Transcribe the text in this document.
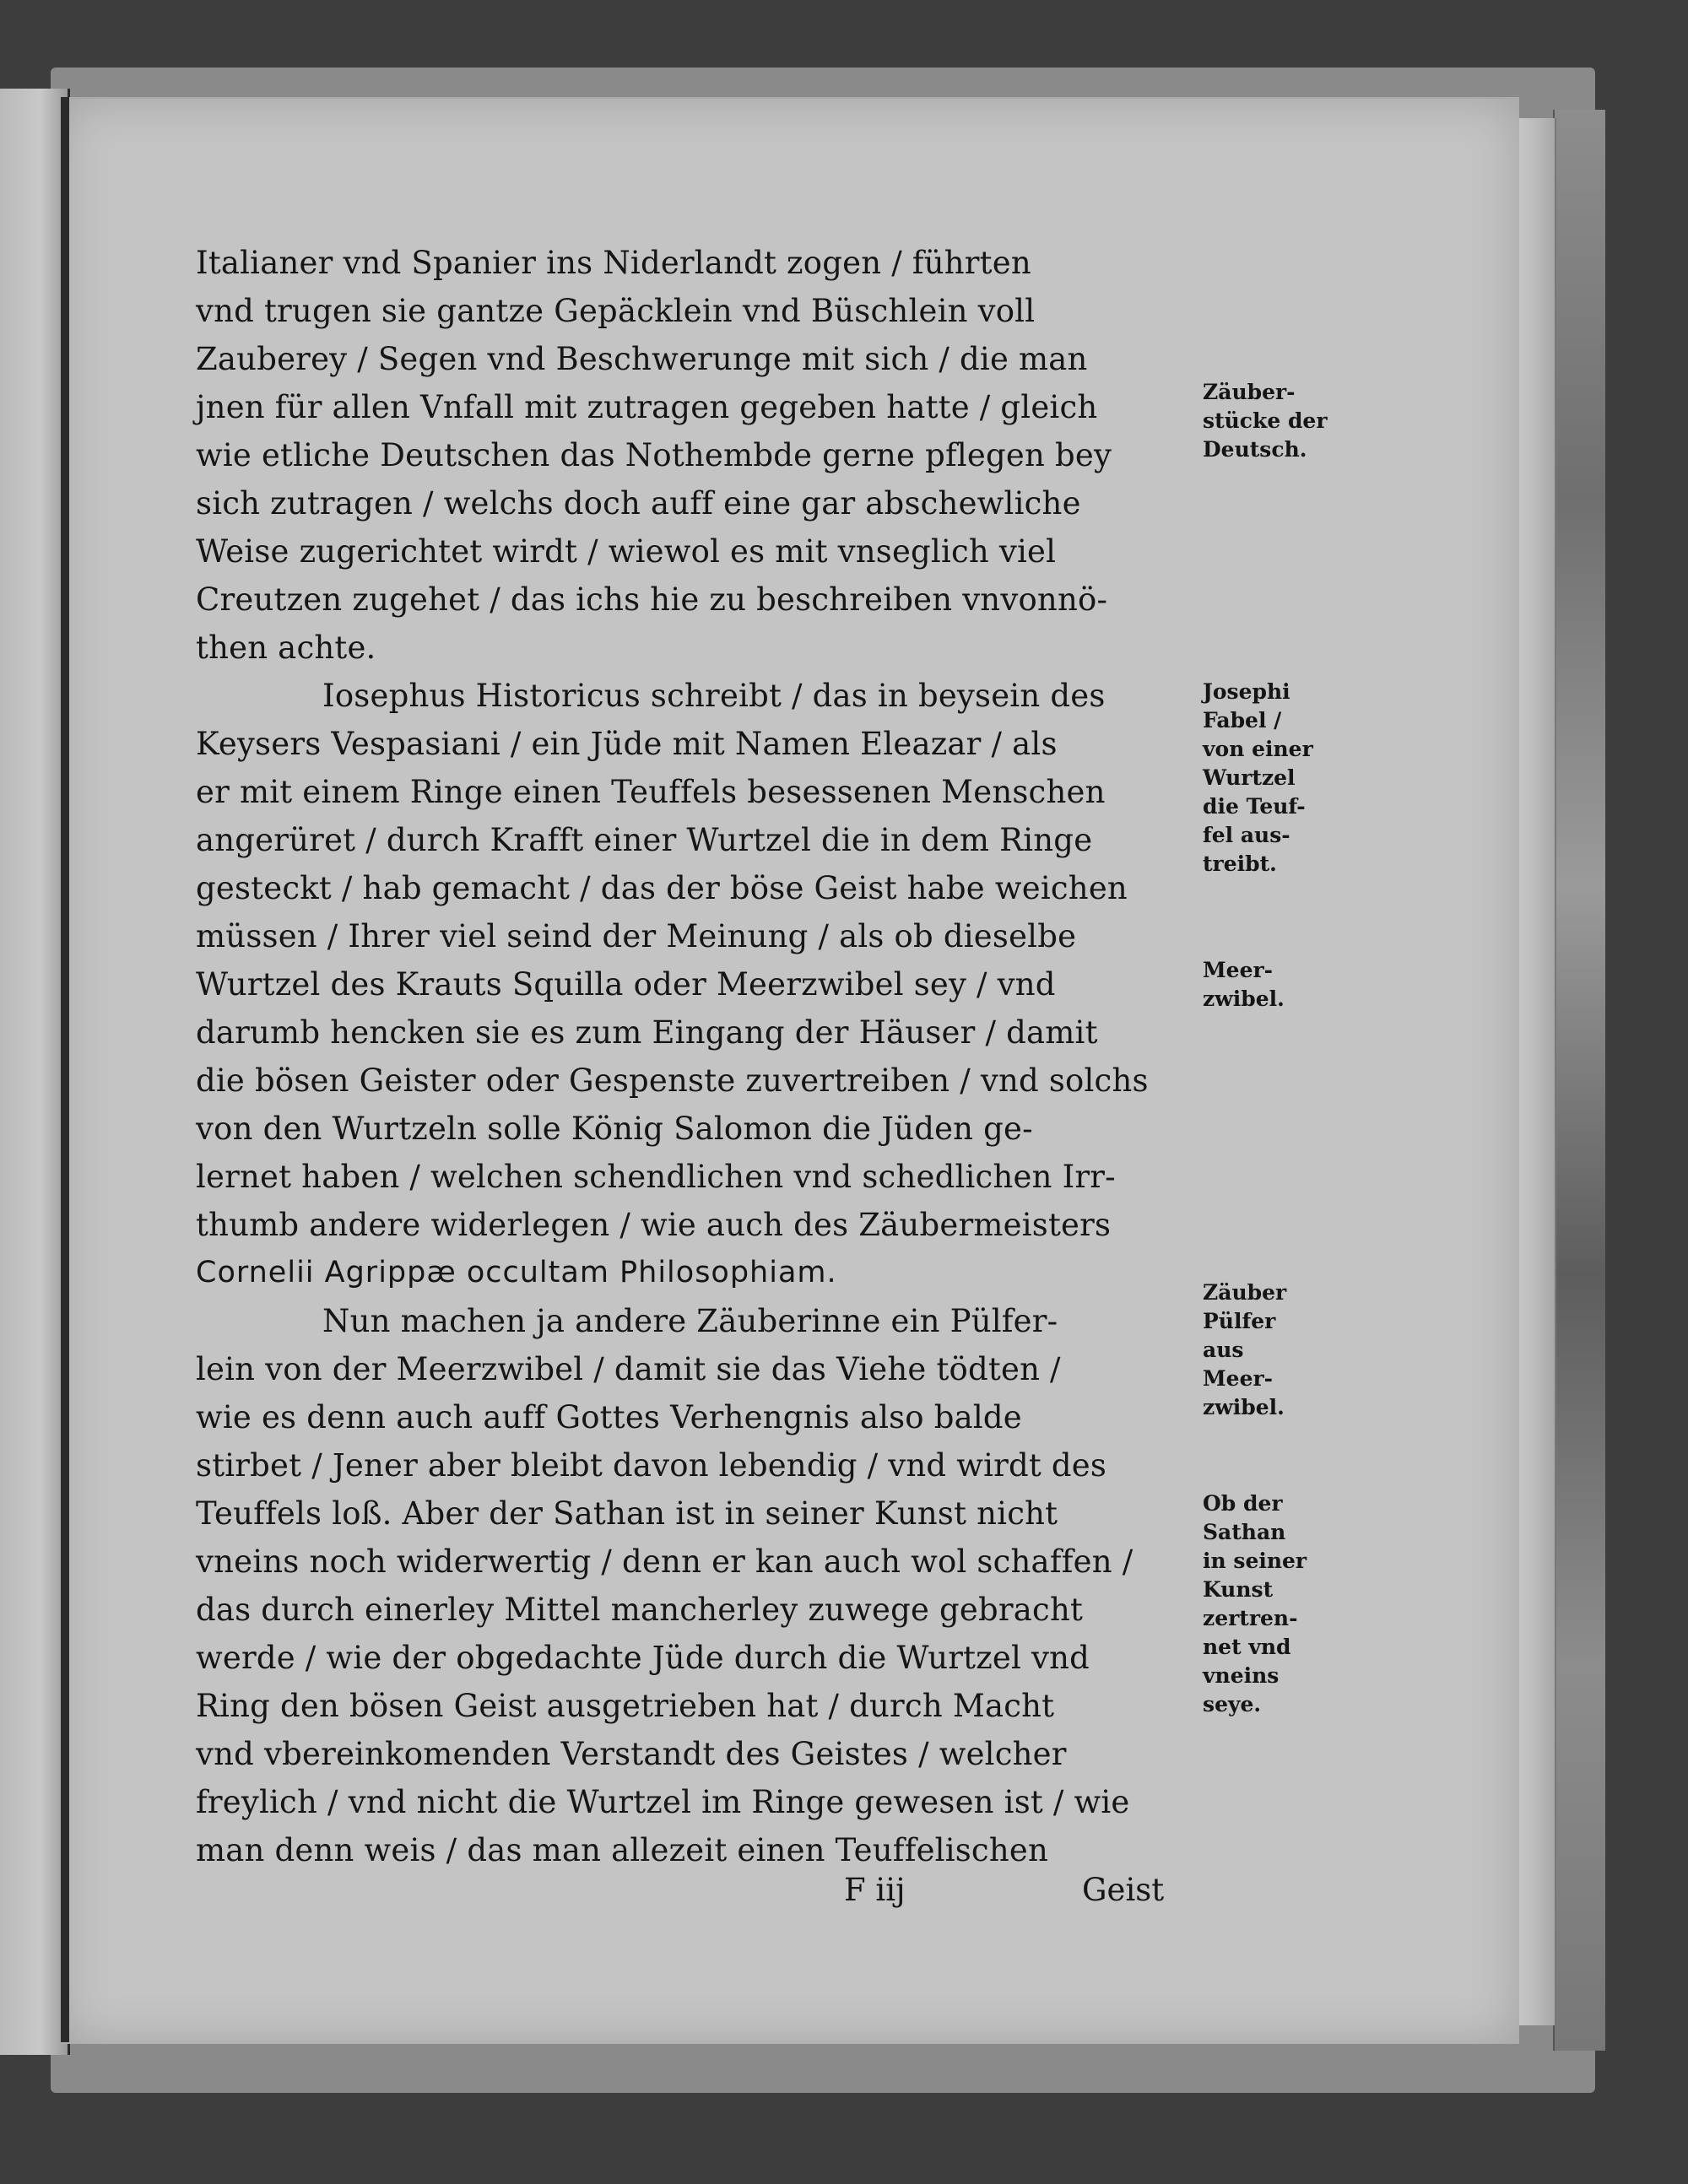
Italianer vnd Spanier ins Niderlandt zogen / führten
vnd trugen sie gantze Gepäcklein vnd Büschlein voll
Zauberey / Segen vnd Beschwerunge mit sich / die man
jnen für allen Vnfall mit zutragen gegeben hatte / gleich
wie etliche Deutschen das Nothembde gerne pflegen bey
sich zutragen / welchs doch auff eine gar abschewliche
Weise zugerichtet wirdt / wiewol es mit vnseglich viel
Creutzen zugehet / das ichs hie zu beschreiben vnvonnö-
then achte.
Iosephus Historicus schreibt / das in beysein des
Keysers Vespasiani / ein Jüde mit Namen Eleazar / als
er mit einem Ringe einen Teuffels besessenen Menschen
angerüret / durch Krafft einer Wurtzel die in dem Ringe
gesteckt / hab gemacht / das der böse Geist habe weichen
müssen / Ihrer viel seind der Meinung / als ob dieselbe
Wurtzel des Krauts Squilla oder Meerzwibel sey / vnd
darumb hencken sie es zum Eingang der Häuser / damit
die bösen Geister oder Gespenste zuvertreiben / vnd solchs
von den Wurtzeln solle König Salomon die Jüden ge-
lernet haben / welchen schendlichen vnd schedlichen Irr-
thumb andere widerlegen / wie auch des Zäubermeisters
Cornelii Agrippæ occultam Philosophiam.
Nun machen ja andere Zäuberinne ein Pülfer-
lein von der Meerzwibel / damit sie das Viehe tödten /
wie es denn auch auff Gottes Verhengnis also balde
stirbet / Jener aber bleibt davon lebendig / vnd wirdt des
Teuffels loß. Aber der Sathan ist in seiner Kunst nicht
vneins noch widerwertig / denn er kan auch wol schaffen /
das durch einerley Mittel mancherley zuwege gebracht
werde / wie der obgedachte Jüde durch die Wurtzel vnd
Ring den bösen Geist ausgetrieben hat / durch Macht
vnd vbereinkomenden Verstandt des Geistes / welcher
freylich / vnd nicht die Wurtzel im Ringe gewesen ist / wie
man denn weis / das man allezeit einen Teuffelischen
F iij	Geist
Zäuber-
stücke der
Deutsch.
Josephi
Fabel /
von einer
Wurtzel
die Teuf-
fel aus-
treibt.
Meer-
zwibel.
Zäuber
Pülfer
aus
Meer-
zwibel.
Ob der
Sathan
in seiner
Kunst
zertren-
net vnd
vneins
seye.
